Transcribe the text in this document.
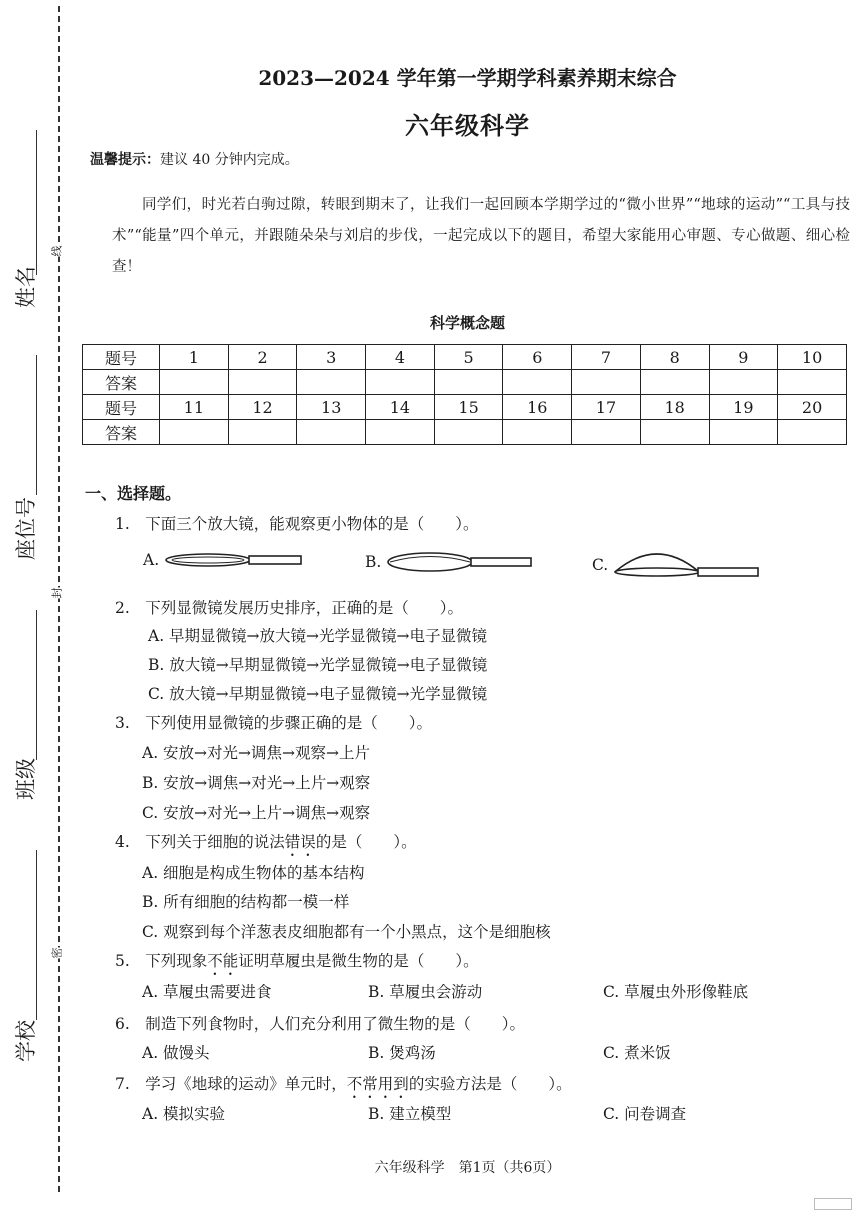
姓名
座位号
班级
学校
线
封
密
2023—2024 学年第一学期学科素养期末综合
六年级科学
温馨提示：建议 40 分钟内完成。
同学们，时光若白驹过隙，转眼到期末了，让我们一起回顾本学期学过的“微小世界”“地球的运动”“工具与技术”“能量”四个单元，并跟随朵朵与刘启的步伐，一起完成以下的题目，希望大家能用心审题、专心做题、细心检查！
科学概念题
题号	1	2	3	4	5	6	7	8	9	10
答案										
题号	11	12	13	14	15	16	17	18	19	20
答案										
一、选择题。
1.　下面三个放大镜，能观察更小物体的是（　　）。
A.	B.	C.
2.　下列显微镜发展历史排序，正确的是（　　）。
A. 早期显微镜→放大镜→光学显微镜→电子显微镜
B. 放大镜→早期显微镜→光学显微镜→电子显微镜
C. 放大镜→早期显微镜→电子显微镜→光学显微镜
3.　下列使用显微镜的步骤正确的是（　　）。
A. 安放→对光→调焦→观察→上片
B. 安放→调焦→对光→上片→观察
C. 安放→对光→上片→调焦→观察
4.　下列关于细胞的说法错误的是（　　）。
A. 细胞是构成生物体的基本结构
B. 所有细胞的结构都一模一样
C. 观察到每个洋葱表皮细胞都有一个小黑点，这个是细胞核
5.　下列现象不能证明草履虫是微生物的是（　　）。
A. 草履虫需要进食	B. 草履虫会游动	C. 草履虫外形像鞋底
6.　制造下列食物时，人们充分利用了微生物的是（　　）。
A. 做馒头	B. 煲鸡汤	C. 煮米饭
7.　学习《地球的运动》单元时，不常用到的实验方法是（　　）。
A. 模拟实验	B. 建立模型	C. 问卷调查
六年级科学　第1页（共6页）
